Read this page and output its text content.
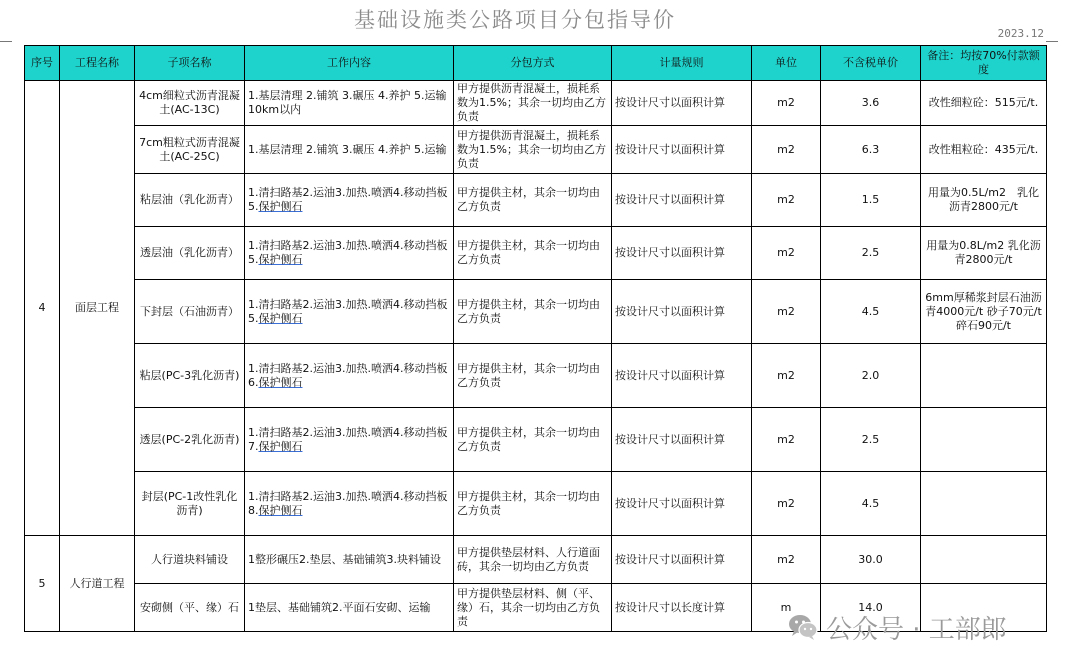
基础设施类公路项目分包指导价
2023.12
序号	工程名称	子项名称	工作内容	分包方式	计量规则	单位	不含税单价	备注：均按70%付款额度
4	面层工程	4cm细粒式沥青混凝土(AC-13C)	1.基层清理 2.铺筑 3.碾压 4.养护 5.运输10km以内	甲方提供沥青混凝土，损耗系数为1.5%；其余一切均由乙方负责	按设计尺寸以面积计算	m2	3.6	改性细粒砼：515元/t.
		7cm粗粒式沥青混凝土(AC-25C)	1.基层清理 2.铺筑 3.碾压 4.养护 5.运输	甲方提供沥青混凝土，损耗系数为1.5%；其余一切均由乙方负责	按设计尺寸以面积计算	m2	6.3	改性粗粒砼：435元/t.
		粘层油（乳化沥青）	1.清扫路基2.运油3.加热.喷洒4.移动挡板5.保护侧石	甲方提供主材，其余一切均由乙方负责	按设计尺寸以面积计算	m2	1.5	用量为0.5L/m2　乳化沥青2800元/t
		透层油（乳化沥青）	1.清扫路基2.运油3.加热.喷洒4.移动挡板5.保护侧石	甲方提供主材，其余一切均由乙方负责	按设计尺寸以面积计算	m2	2.5	用量为0.8L/m2 乳化沥青2800元/t
		下封层（石油沥青）	1.清扫路基2.运油3.加热.喷洒4.移动挡板5.保护侧石	甲方提供主材，其余一切均由乙方负责	按设计尺寸以面积计算	m2	4.5	6mm厚稀浆封层石油沥青4000元/t 砂子70元/t 碎石90元/t
		粘层(PC-3乳化沥青)	1.清扫路基2.运油3.加热.喷洒4.移动挡板6.保护侧石	甲方提供主材，其余一切均由乙方负责	按设计尺寸以面积计算	m2	2.0	
		透层(PC-2乳化沥青)	1.清扫路基2.运油3.加热.喷洒4.移动挡板7.保护侧石	甲方提供主材，其余一切均由乙方负责	按设计尺寸以面积计算	m2	2.5	
		封层(PC-1改性乳化沥青)	1.清扫路基2.运油3.加热.喷洒4.移动挡板8.保护侧石	甲方提供主材，其余一切均由乙方负责	按设计尺寸以面积计算	m2	4.5	
5	人行道工程	人行道块料铺设	1整形碾压2.垫层、基础铺筑3.块料铺设	甲方提供垫层材料、人行道面砖，其余一切均由乙方负责	按设计尺寸以面积计算	m2	30.0	
		安砌侧（平、缘）石	1垫层、基础铺筑2.平面石安砌、运输	甲方提供垫层材料、侧（平、缘）石，其余一切均由乙方负责	按设计尺寸以长度计算	m	14.0	
公众号 · 工部郎
